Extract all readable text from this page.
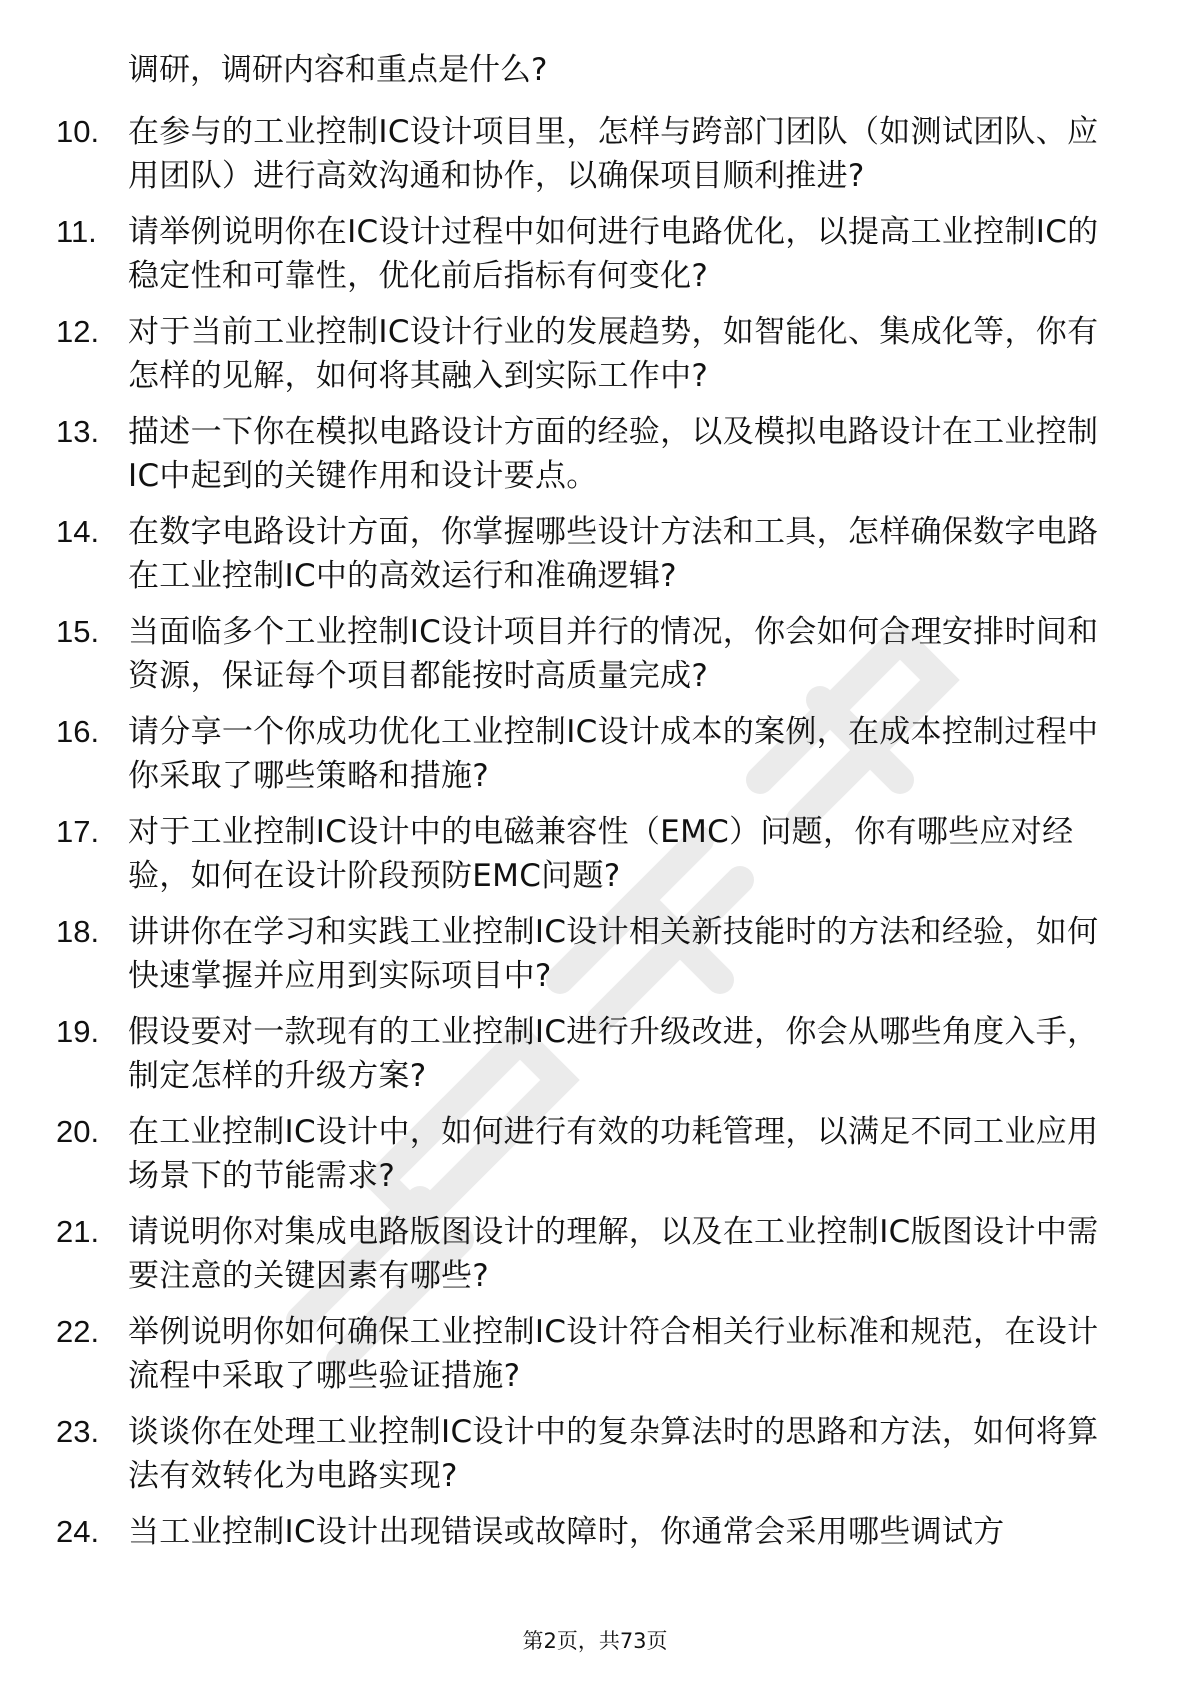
调研，调研内容和重点是什么?
10. 在参与的工业控制IC设计项目里，怎样与跨部门团队（如测试团队、应用团队）进行高效沟通和协作，以确保项目顺利推进?
11.	请举例说明你在IC设计过程中如何进行电路优化，以提高工业控制IC的稳定性和可靠性，优化前后指标有何变化?
12. 对于当前工业控制IC设计行业的发展趋势，如智能化、集成化等，你有怎样的见解，如何将其融入到实际工作中?
13. 描述一下你在模拟电路设计方面的经验，以及模拟电路设计在工业控制IC中起到的关键作用和设计要点。
14. 在数字电路设计方面，你掌握哪些设计方法和工具，怎样确保数字电路在工业控制IC中的高效运行和准确逻辑?
15. 当面临多个工业控制IC设计项目并行的情况，你会如何合理安排时间和资源，保证每个项目都能按时高质量完成?
16. 请分享一个你成功优化工业控制IC设计成本的案例，在成本控制过程中你采取了哪些策略和措施?
17. 对于工业控制IC设计中的电磁兼容性（EMC）问题，你有哪些应对经验，如何在设计阶段预防EMC问题?
18. 讲讲你在学习和实践工业控制IC设计相关新技能时的方法和经验，如何快速掌握并应用到实际项目中?
19. 假设要对一款现有的工业控制IC进行升级改进，你会从哪些角度入手，制定怎样的升级方案?
20. 在工业控制IC设计中，如何进行有效的功耗管理，以满足不同工业应用场景下的节能需求?
21. 请说明你对集成电路版图设计的理解，以及在工业控制IC版图设计中需要注意的关键因素有哪些?
22. 举例说明你如何确保工业控制IC设计符合相关行业标准和规范，在设计流程中采取了哪些验证措施?
23. 谈谈你在处理工业控制IC设计中的复杂算法时的思路和方法，如何将算法有效转化为电路实现?
24. 当工业控制IC设计出现错误或故障时，你通常会采用哪些调试方
第2页，共73页
